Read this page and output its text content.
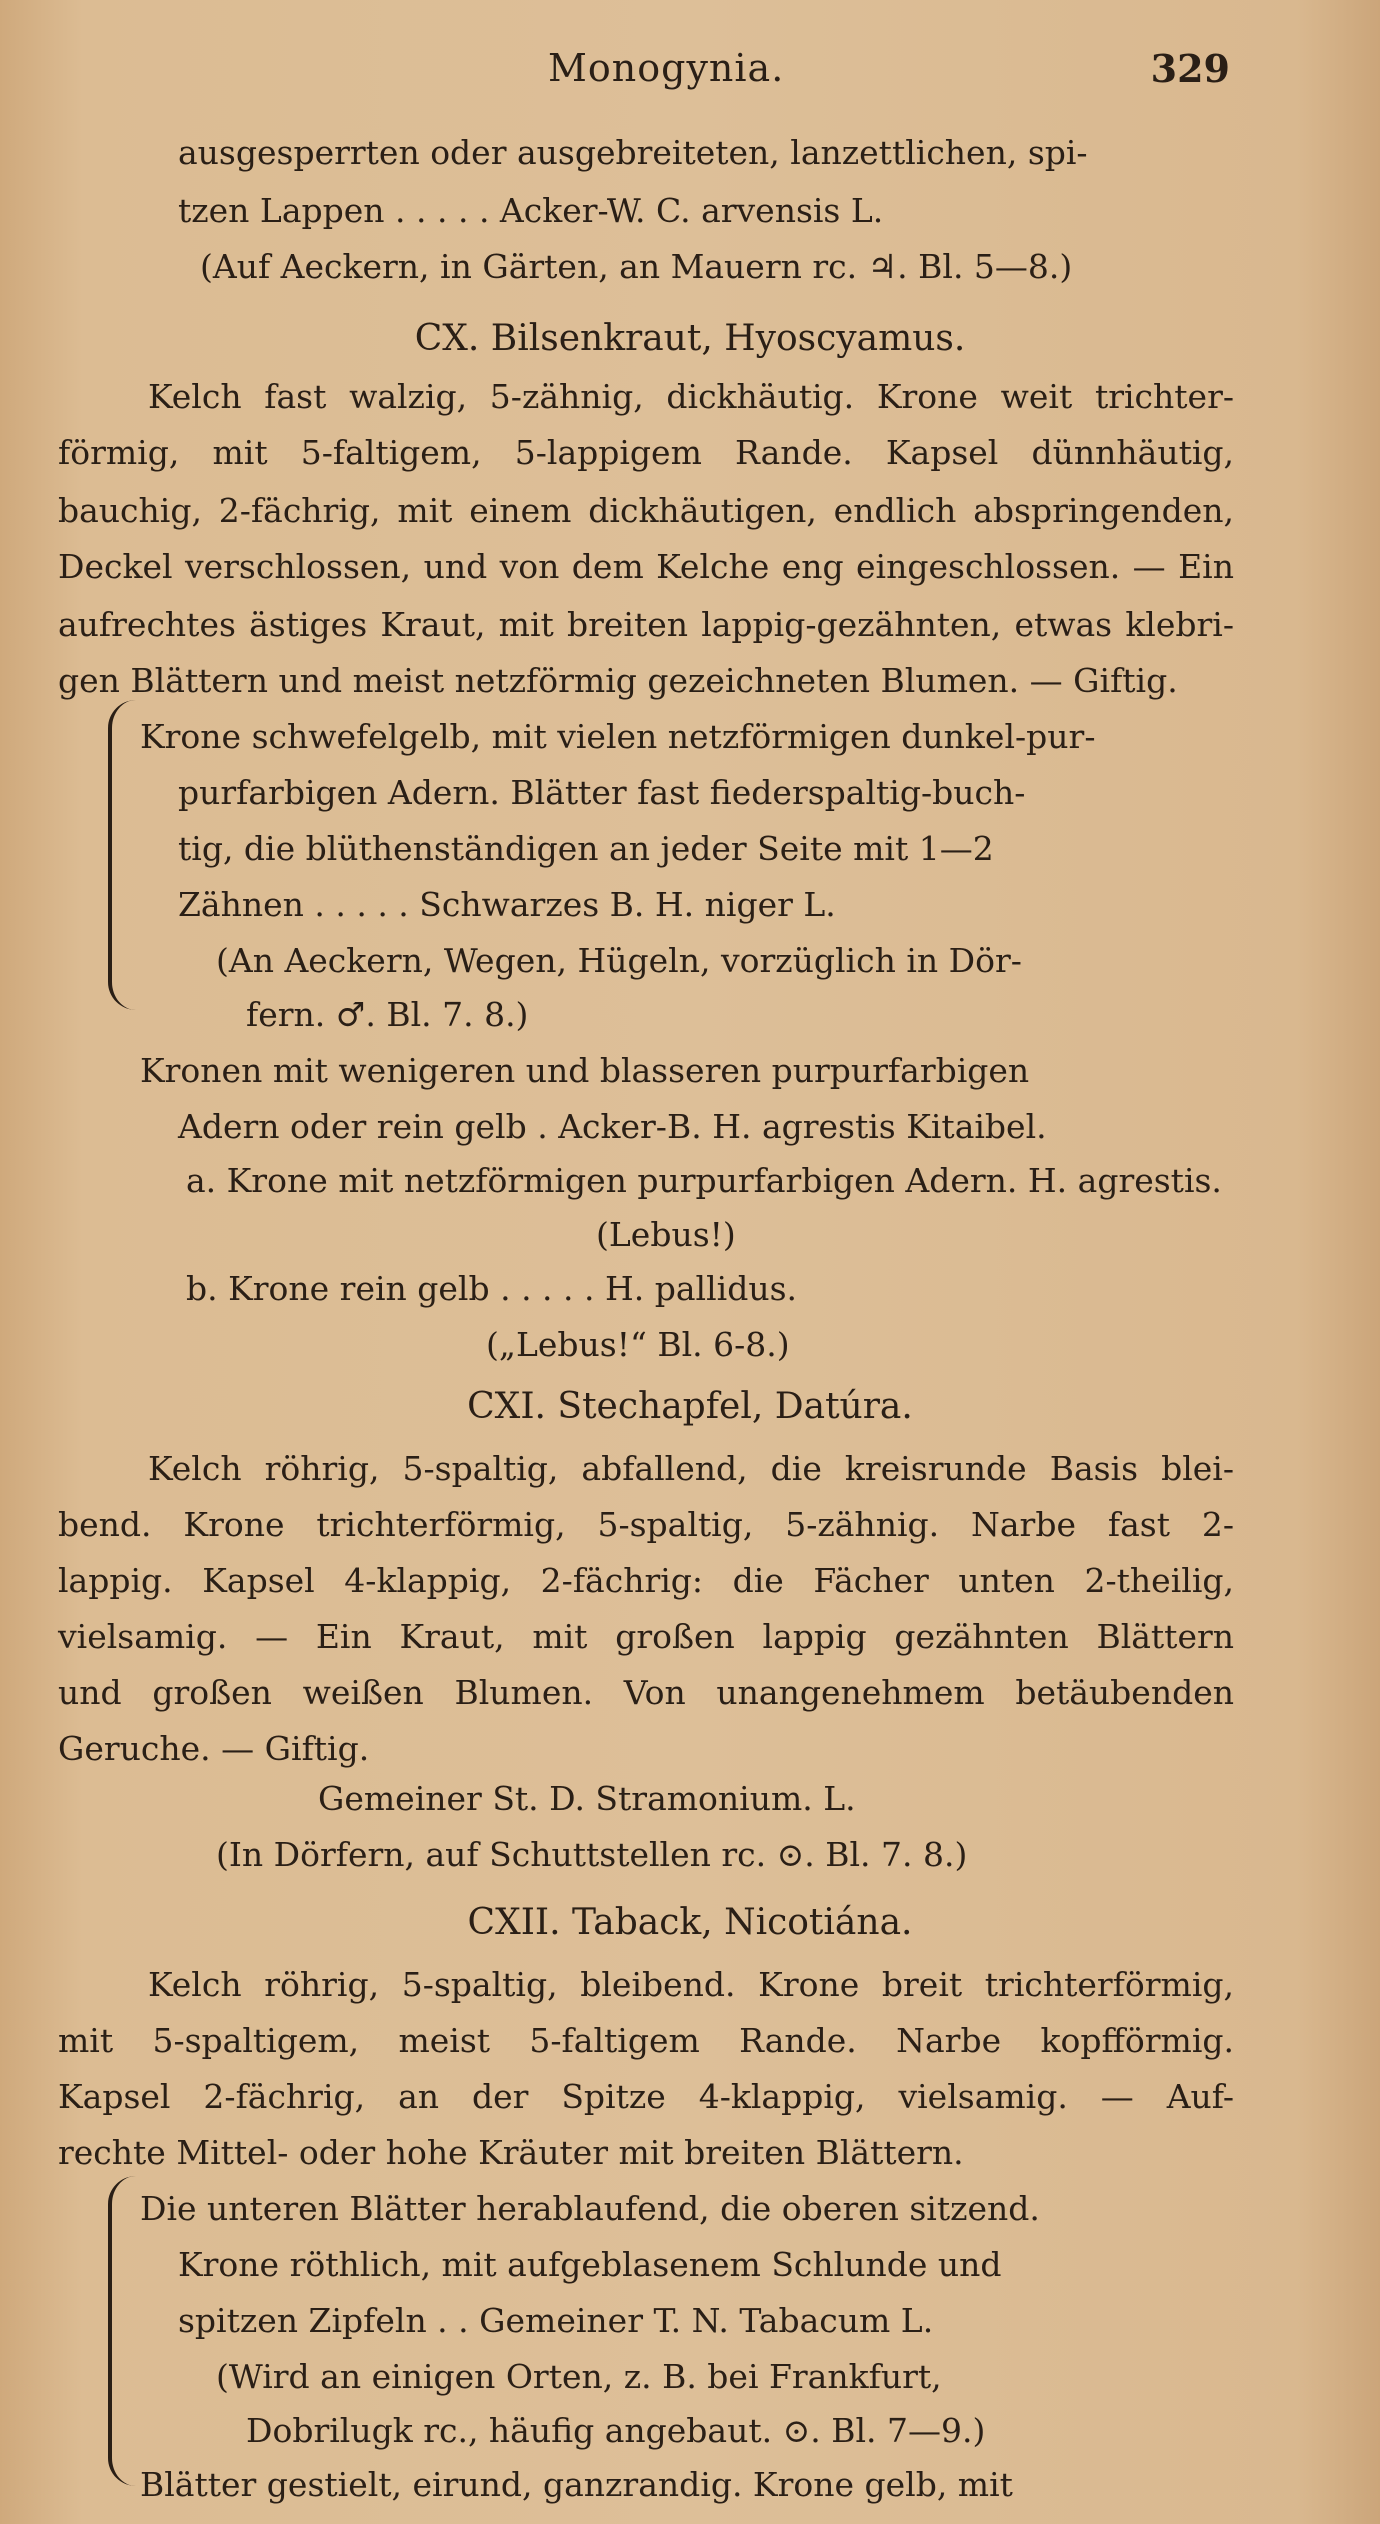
Monogynia.	329
ausgesperrten oder ausgebreiteten, lanzettlichen, spi-
tzen Lappen . . . . . Acker-W. C. arvensis L.
(Auf Aeckern, in Gärten, an Mauern rc. ♃. Bl. 5—8.)
CX. Bilsenkraut, Hyoscyamus.
Kelch fast walzig, 5-zähnig, dickhäutig. Krone weit trichter-
förmig, mit 5-faltigem, 5-lappigem Rande. Kapsel dünnhäutig,
bauchig, 2-fächrig, mit einem dickhäutigen, endlich abspringenden,
Deckel verschlossen, und von dem Kelche eng eingeschlossen. — Ein
aufrechtes ästiges Kraut, mit breiten lappig-gezähnten, etwas klebri-
gen Blättern und meist netzförmig gezeichneten Blumen. — Giftig.
Krone schwefelgelb, mit vielen netzförmigen dunkel-pur-
purfarbigen Adern. Blätter fast fiederspaltig-buch-
tig, die blüthenständigen an jeder Seite mit 1—2
Zähnen . . . . . Schwarzes B. H. niger L.
(An Aeckern, Wegen, Hügeln, vorzüglich in Dör-
fern. ♂. Bl. 7. 8.)
Kronen mit wenigeren und blasseren purpurfarbigen
Adern oder rein gelb . Acker-B. H. agrestis Kitaibel.
a. Krone mit netzförmigen purpurfarbigen Adern. H. agrestis.
(Lebus!)
b. Krone rein gelb . . . . . H. pallidus.
(„Lebus!“ Bl. 6-8.)
CXI. Stechapfel, Datúra.
Kelch röhrig, 5-spaltig, abfallend, die kreisrunde Basis blei-
bend. Krone trichterförmig, 5-spaltig, 5-zähnig. Narbe fast 2-
lappig. Kapsel 4-klappig, 2-fächrig: die Fächer unten 2-theilig,
vielsamig. — Ein Kraut, mit großen lappig gezähnten Blättern
und großen weißen Blumen. Von unangenehmem betäubenden
Geruche. — Giftig.
Gemeiner St. D. Stramonium. L.
(In Dörfern, auf Schuttstellen rc. ⊙. Bl. 7. 8.)
CXII. Taback, Nicotiána.
Kelch röhrig, 5-spaltig, bleibend. Krone breit trichterförmig,
mit 5-spaltigem, meist 5-faltigem Rande. Narbe kopfförmig.
Kapsel 2-fächrig, an der Spitze 4-klappig, vielsamig. — Auf-
rechte Mittel- oder hohe Kräuter mit breiten Blättern.
Die unteren Blätter herablaufend, die oberen sitzend.
Krone röthlich, mit aufgeblasenem Schlunde und
spitzen Zipfeln . . Gemeiner T. N. Tabacum L.
(Wird an einigen Orten, z. B. bei Frankfurt,
Dobrilugk rc., häufig angebaut. ⊙. Bl. 7—9.)
Blätter gestielt, eirund, ganzrandig. Krone gelb, mit
